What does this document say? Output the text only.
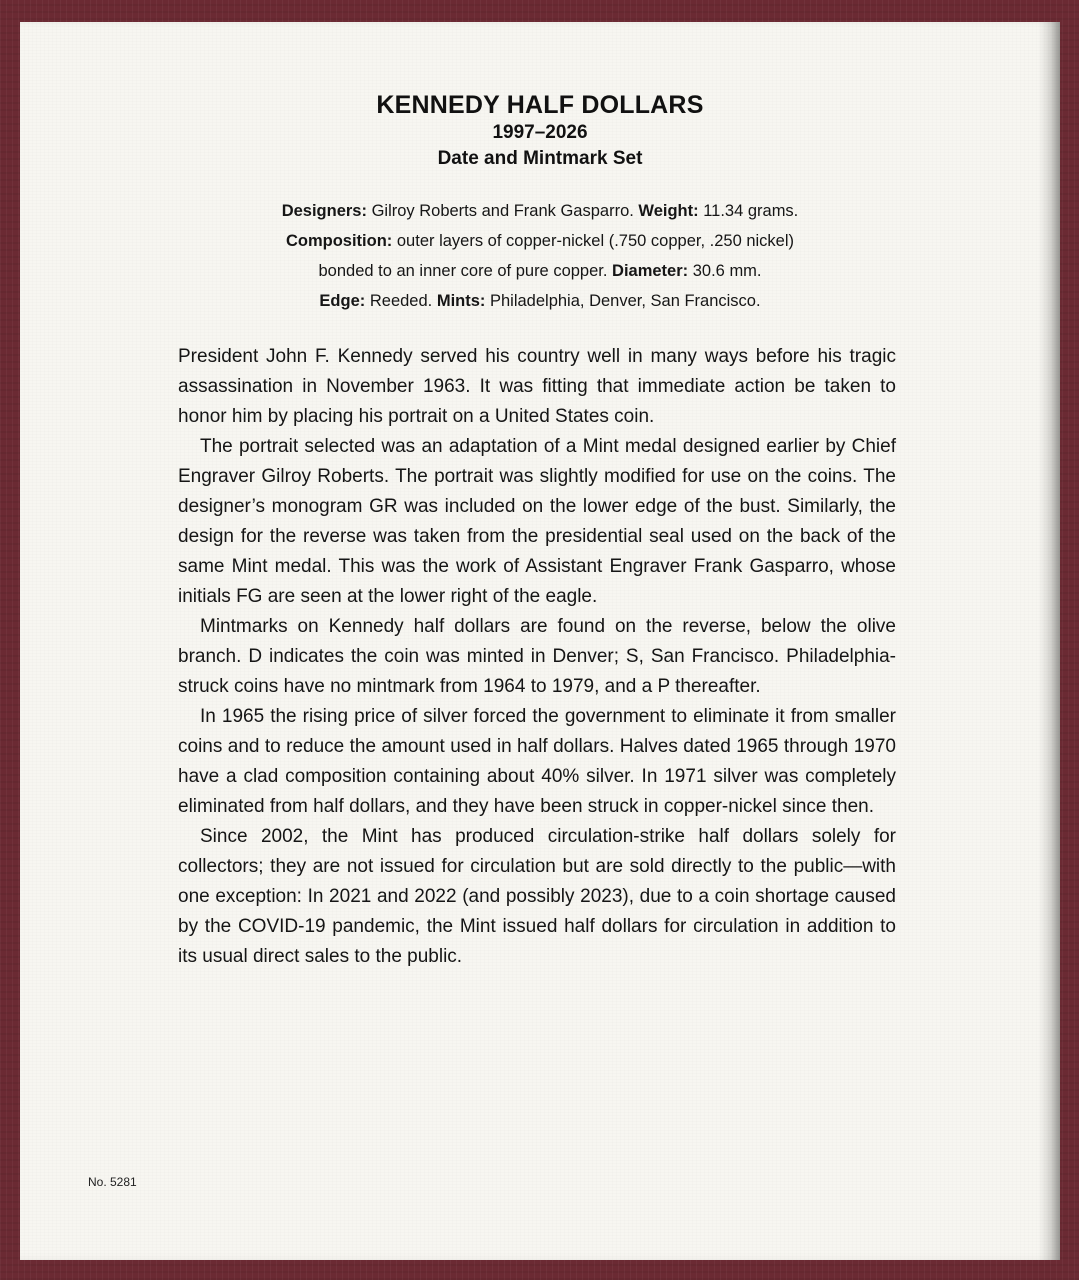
KENNEDY HALF DOLLARS
1997–2026
Date and Mintmark Set
Designers: Gilroy Roberts and Frank Gasparro. Weight: 11.34 grams.
Composition: outer layers of copper-nickel (.750 copper, .250 nickel)
bonded to an inner core of pure copper. Diameter: 30.6 mm.
Edge: Reeded. Mints: Philadelphia, Denver, San Francisco.

President John F. Kennedy served his country well in many ways before his tragic assassination in November 1963. It was fitting that immediate action be taken to honor him by placing his portrait on a United States coin.

The portrait selected was an adaptation of a Mint medal designed earlier by Chief Engraver Gilroy Roberts. The portrait was slightly modified for use on the coins. The designer’s monogram GR was included on the lower edge of the bust. Similarly, the design for the reverse was taken from the presidential seal used on the back of the same Mint medal. This was the work of Assistant Engraver Frank Gasparro, whose initials FG are seen at the lower right of the eagle.

Mintmarks on Kennedy half dollars are found on the reverse, below the olive branch. D indicates the coin was minted in Denver; S, San Francisco. Philadelphia-struck coins have no mintmark from 1964 to 1979, and a P thereafter.

In 1965 the rising price of silver forced the government to eliminate it from smaller coins and to reduce the amount used in half dollars. Halves dated 1965 through 1970 have a clad composition containing about 40% silver. In 1971 silver was completely eliminated from half dollars, and they have been struck in copper-nickel since then.

Since 2002, the Mint has produced circulation-strike half dollars solely for collectors; they are not issued for circulation but are sold directly to the public—with one exception: In 2021 and 2022 (and possibly 2023), due to a coin shortage caused by the COVID-19 pandemic, the Mint issued half dollars for circulation in addition to its usual direct sales to the public.

No. 5281
